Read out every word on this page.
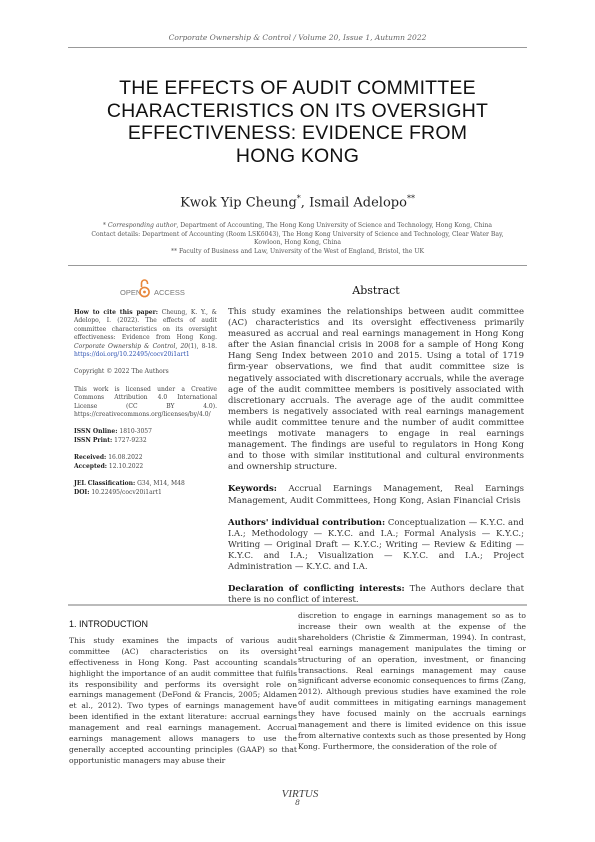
Corporate Ownership & Control / Volume 20, Issue 1, Autumn 2022
THE EFFECTS OF AUDIT COMMITTEE
CHARACTERISTICS ON ITS OVERSIGHT
EFFECTIVENESS: EVIDENCE FROM
HONG KONG
Kwok Yip Cheung*, Ismail Adelopo**
* Corresponding author, Department of Accounting, The Hong Kong University of Science and Technology, Hong Kong, China
Contact details: Department of Accounting (Room LSK6043), The Hong Kong University of Science and Technology, Clear Water Bay,
Kowloon, Hong Kong, China
** Faculty of Business and Law, University of the West of England, Bristol, the UK
OPEN ACCESS

How to cite this paper: Cheung, K. Y., & Adelopo, I. (2022). The effects of audit committee characteristics on its oversight effectiveness: Evidence from Hong Kong. Corporate Ownership & Control, 20(1), 8-18. https://doi.org/10.22495/cocv20i1art1

Copyright © 2022 The Authors

This work is licensed under a Creative Commons Attribution 4.0 International License (CC BY 4.0). https://creativecommons.org/licenses/by/4.0/

ISSN Online: 1810-3057
ISSN Print: 1727-9232
Received: 16.08.2022
Accepted: 12.10.2022
JEL Classification: G34, M14, M48
DOI: 10.22495/cocv20i1art1
Abstract

This study examines the relationships between audit committee (AC) characteristics and its oversight effectiveness primarily measured as accrual and real earnings management in Hong Kong after the Asian financial crisis in 2008 for a sample of Hong Kong Hang Seng Index between 2010 and 2015. Using a total of 1719 firm-year observations, we find that audit committee size is negatively associated with discretionary accruals, while the average age of the audit committee members is positively associated with discretionary accruals. The average age of the audit committee members is negatively associated with real earnings management while audit committee tenure and the number of audit committee meetings motivate managers to engage in real earnings management. The findings are useful to regulators in Hong Kong and to those with similar institutional and cultural environments and ownership structure.

Keywords: Accrual Earnings Management, Real Earnings Management, Audit Committees, Hong Kong, Asian Financial Crisis

Authors' individual contribution: Conceptualization — K.Y.C. and I.A.; Methodology — K.Y.C. and I.A.; Formal Analysis — K.Y.C.; Writing — Original Draft — K.Y.C.; Writing — Review & Editing — K.Y.C. and I.A.; Visualization — K.Y.C. and I.A.; Project Administration — K.Y.C. and I.A.

Declaration of conflicting interests: The Authors declare that there is no conflict of interest.

1. INTRODUCTION
This study examines the impacts of various audit committee (AC) characteristics on its oversight effectiveness in Hong Kong. Past accounting scandals highlight the importance of an audit committee that fulfils its responsibility and performs its oversight role on earnings management (DeFond & Francis, 2005; Aldamen et al., 2012). Two types of earnings management have been identified in the extant literature: accrual earnings management and real earnings management. Accrual earnings management allows managers to use the generally accepted accounting principles (GAAP) so that opportunistic managers may abuse their
discretion to engage in earnings management so as to increase their own wealth at the expense of the shareholders (Christie & Zimmerman, 1994). In contrast, real earnings management manipulates the timing or structuring of an operation, investment, or financing transactions. Real earnings management may cause significant adverse economic consequences to firms (Zang, 2012). Although previous studies have examined the role of audit committees in mitigating earnings management they have focused mainly on the accruals earnings management and there is limited evidence on this issue from alternative contexts such as those presented by Hong Kong. Furthermore, the consideration of the role of
VIRTUS
8
